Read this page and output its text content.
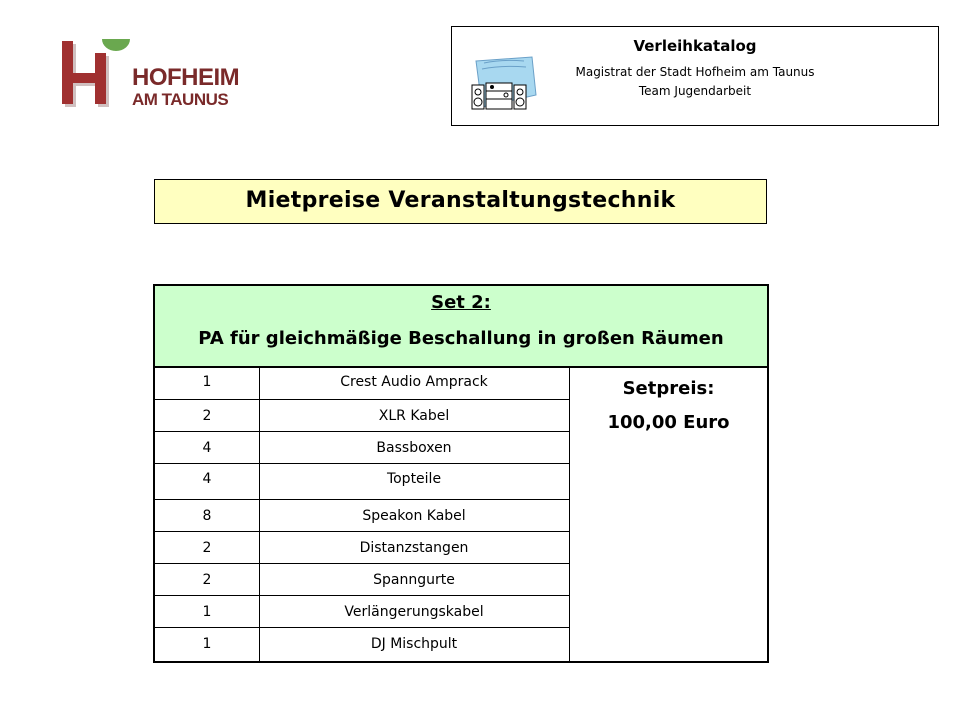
HOFHEIM
AM TAUNUS
Verleihkatalog
Magistrat der Stadt Hofheim am Taunus
Team Jugendarbeit
Mietpreise Veranstaltungstechnik
Set 2:
PA für gleichmäßige Beschallung in großen Räumen
1	Crest Audio Amprack
2	XLR Kabel
4	Bassboxen
4	Topteile
8	Speakon Kabel
2	Distanzstangen
2	Spanngurte
1	Verlängerungskabel
1	DJ Mischpult
Setpreis:
100,00 Euro
